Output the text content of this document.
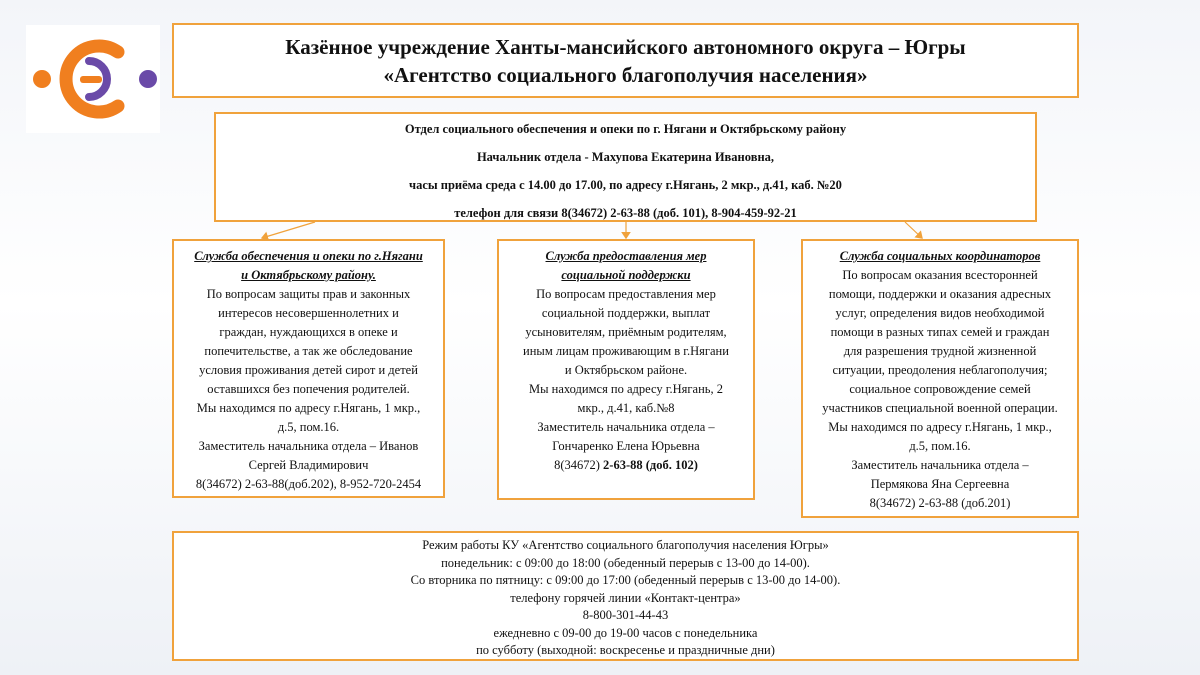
Казённое учреждение Ханты-мансийского автономного округа – Югры
«Агентство социального благополучия населения»
Отдел социального обеспечения и опеки по г. Нягани и Октябрьскому району
Начальник отдела - Махупова Екатерина Ивановна,
часы приёма среда с 14.00 до 17.00, по адресу г.Нягань, 2 мкр., д.41, каб. №20
телефон для связи 8(34672) 2-63-88 (доб. 101), 8-904-459-92-21
Служба обеспечения и опеки по г.Нягани
и Октябрьскому району.
По вопросам защиты прав и законных
интересов несовершеннолетних и
граждан, нуждающихся в опеке и
попечительстве, а так же обследование
условия проживания детей сирот и детей
оставшихся без попечения родителей.
Мы находимся по адресу г.Нягань, 1 мкр.,
д.5, пом.16.
Заместитель начальника отдела – Иванов
Сергей Владимирович
8(34672) 2-63-88(доб.202), 8-952-720-2454
Служба предоставления мер
социальной поддержки
По вопросам предоставления мер
социальной поддержки, выплат
усыновителям, приёмным родителям,
иным лицам проживающим в г.Нягани
и Октябрьском районе.
Мы находимся по адресу г.Нягань, 2
мкр., д.41, каб.№8
Заместитель начальника отдела –
Гончаренко Елена Юрьевна
8(34672) 2-63-88 (доб. 102)
Служба социальных координаторов
По вопросам оказания всесторонней
помощи, поддержки и оказания адресных
услуг, определения видов необходимой
помощи в разных типах семей и граждан
для разрешения трудной жизненной
ситуации, преодоления неблагополучия;
социальное сопровождение семей
участников специальной военной операции.
Мы находимся по адресу г.Нягань, 1 мкр.,
д.5, пом.16.
Заместитель начальника отдела –
Пермякова Яна Сергеевна
8(34672) 2-63-88 (доб.201)
Режим работы КУ «Агентство социального благополучия населения Югры»
понедельник: с 09:00 до 18:00 (обеденный перерыв с 13-00 до 14-00).
Со вторника по пятницу: с 09:00 до 17:00 (обеденный перерыв с 13-00 до 14-00).
телефону горячей линии «Контакт-центра»
8-800-301-44-43
ежедневно с 09-00 до 19-00 часов с понедельника
по субботу (выходной: воскресенье и праздничные дни)
